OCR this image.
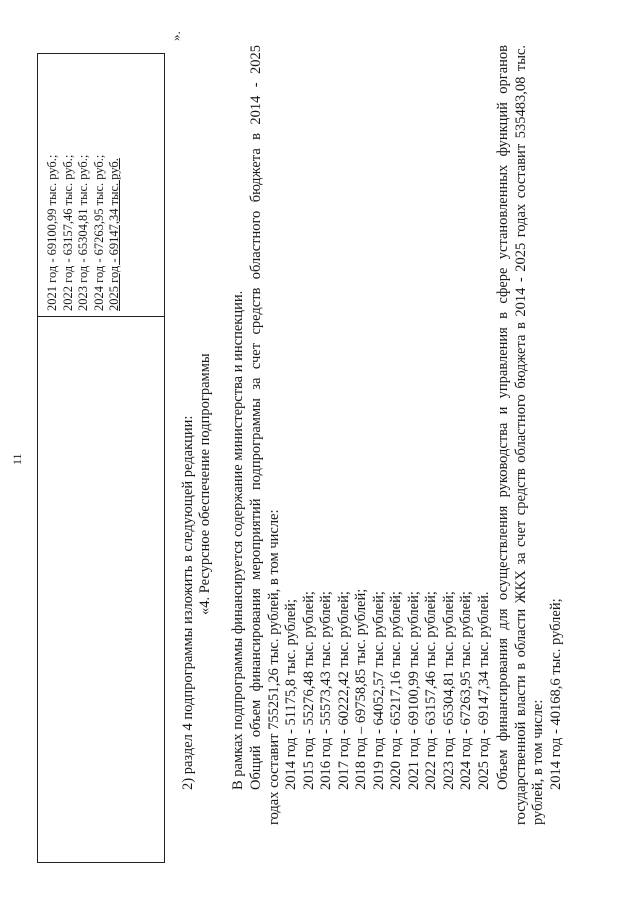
11
2021 год - 69100,99 тыс. руб.; 2022 год - 63157,46 тыс. руб.; 2023 год - 65304,81 тыс. руб.; 2024 год - 67263,95 тыс. руб.; 2025 год - 69147,34 тыс. руб.
».
2) раздел 4 подпрограммы изложить в следующей редакции: «4. Ресурсное обеспечение подпрограммы В рамках подпрограммы финансируется содержание министерства и инспекции. Общий объем финансирования мероприятий подпрограммы за счет средств областного бюджета в 2014 - 2025 годах составит 755251,26 тыс. рублей, в том числе: 2014 год - 51175,8 тыс. рублей; 2015 год - 55276,48 тыс. рублей; 2016 год - 55573,43 тыс. рублей; 2017 год - 60222,42 тыс. рублей; 2018 год – 69758,85 тыс. рублей; 2019 год - 64052,57 тыс. рублей; 2020 год - 65217,16 тыс. рублей; 2021 год - 69100,99 тыс. рублей; 2022 год - 63157,46 тыс. рублей; 2023 год - 65304,81 тыс. рублей; 2024 год - 67263,95 тыс. рублей; 2025 год - 69147,34 тыс. рублей. Объем финансирования для осуществления руководства и управления в сфере установленных функций органов государственной власти в области ЖКХ за счет средств областного бюджета в 2014 - 2025 годах составит 535483,08 тыс. рублей, в том числе: 2014 год - 40168,6 тыс. рублей;
